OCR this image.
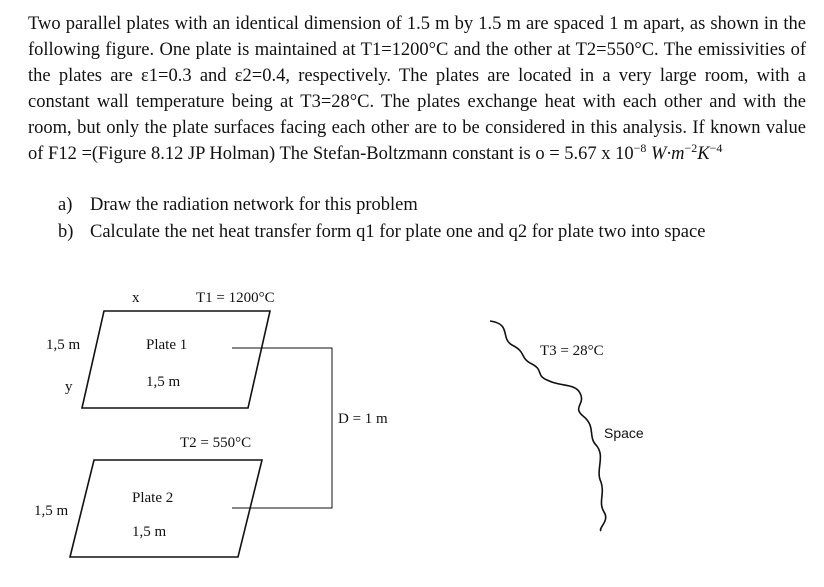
Two parallel plates with an identical dimension of 1.5 m by 1.5 m are spaced 1 m apart, as shown in the following figure. One plate is maintained at T1=1200°C and the other at T2=550°C. The emissivities of the plates are ε1=0.3 and ε2=0.4, respectively. The plates are located in a very large room, with a constant wall temperature being at T3=28°C. The plates exchange heat with each other and with the room, but only the plate surfaces facing each other are to be considered in this analysis. If known value of F12 =(Figure 8.12 JP Holman) The Stefan-Boltzmann constant is ο = 5.67 x $10^{-8}$ $W\cdot m^{-2}K^{-4}$

a) Draw the radiation network for this problem
b) Calculate the net heat transfer form q1 for plate one and q2 for plate two into space
x	T1 = 1200°C
1,5 m	Plate 1
y	1,5 m
D = 1 m
T2 = 550°C
Plate 2
1,5 m
1,5 m
T3 = 28°C
Space
